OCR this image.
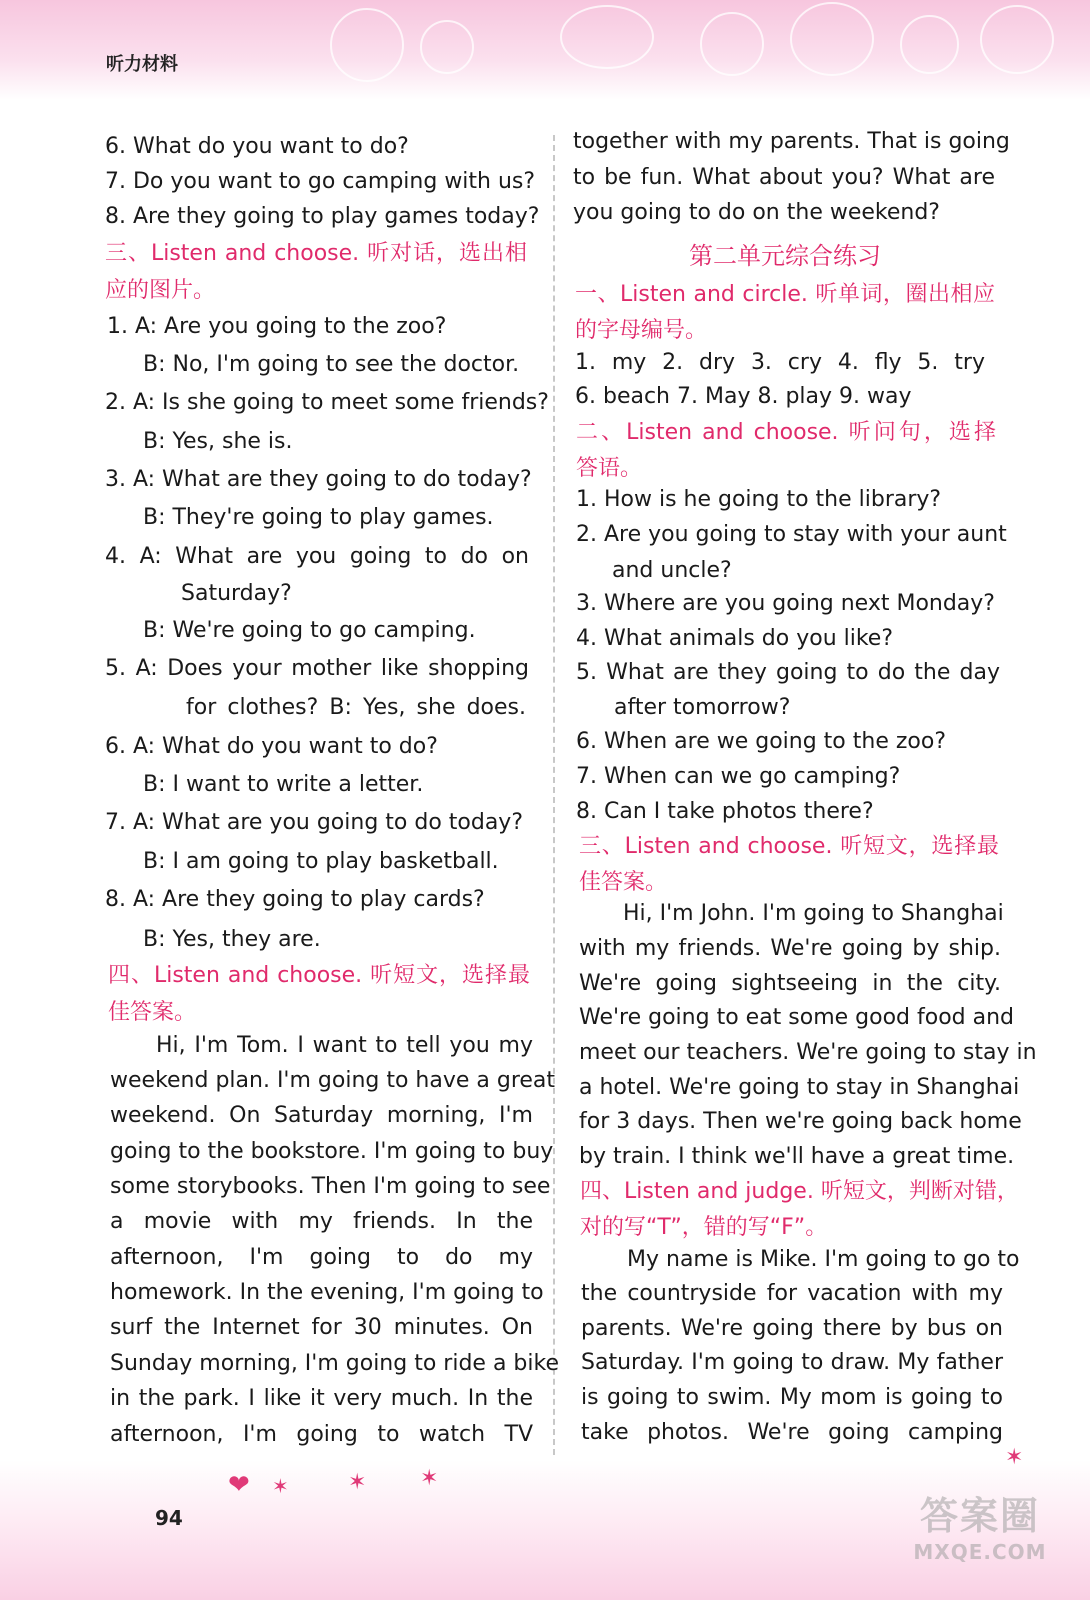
听力材料
6. What do you want to do?
7. Do you want to go camping with us?
8. Are they going to play games today?
三、Listen and choose. 听对话，选出相
应的图片。
1. A: Are you going to the zoo?
B: No, I'm going to see the doctor.
2. A: Is she going to meet some friends?
B: Yes, she is.
3. A: What are they going to do today?
B: They're going to play games.
4. A: What are you going to do on
Saturday?
B: We're going to go camping.
5. A: Does your mother like shopping
for clothes? B: Yes, she does.
6. A: What do you want to do?
B: I want to write a letter.
7. A: What are you going to do today?
B: I am going to play basketball.
8. A: Are they going to play cards?
B: Yes, they are.
四、Listen and choose. 听短文，选择最
佳答案。
Hi, I'm Tom. I want to tell you my
weekend plan. I'm going to have a great
weekend. On Saturday morning, I'm
going to the bookstore. I'm going to buy
some storybooks. Then I'm going to see
a movie with my friends. In the
afternoon, I'm going to do my
homework. In the evening, I'm going to
surf the Internet for 30 minutes. On
Sunday morning, I'm going to ride a bike
in the park. I like it very much. In the
afternoon, I'm going to watch TV
together with my parents. That is going
to be fun. What about you? What are
you going to do on the weekend?
第二单元综合练习
一、Listen and circle. 听单词，圈出相应
的字母编号。
1. my 2. dry 3. cry 4. fly 5. try
6. beach 7. May 8. play 9. way
二、Listen and choose. 听问句，选择
答语。
1. How is he going to the library?
2. Are you going to stay with your aunt
and uncle?
3. Where are you going next Monday?
4. What animals do you like?
5. What are they going to do the day
after tomorrow?
6. When are we going to the zoo?
7. When can we go camping?
8. Can I take photos there?
三、Listen and choose. 听短文，选择最
佳答案。
Hi, I'm John. I'm going to Shanghai
with my friends. We're going by ship.
We're going sightseeing in the city.
We're going to eat some good food and
meet our teachers. We're going to stay in
a hotel. We're going to stay in Shanghai
for 3 days. Then we're going back home
by train. I think we'll have a great time.
四、Listen and judge. 听短文，判断对错，
对的写“T”，错的写“F”。
My name is Mike. I'm going to go to
the countryside for vacation with my
parents. We're going there by bus on
Saturday. I'm going to draw. My father
is going to swim. My mom is going to
take photos. We're going camping
❤ ✶	✶ ✶
✶
94	答案圈
MXQE.COM
